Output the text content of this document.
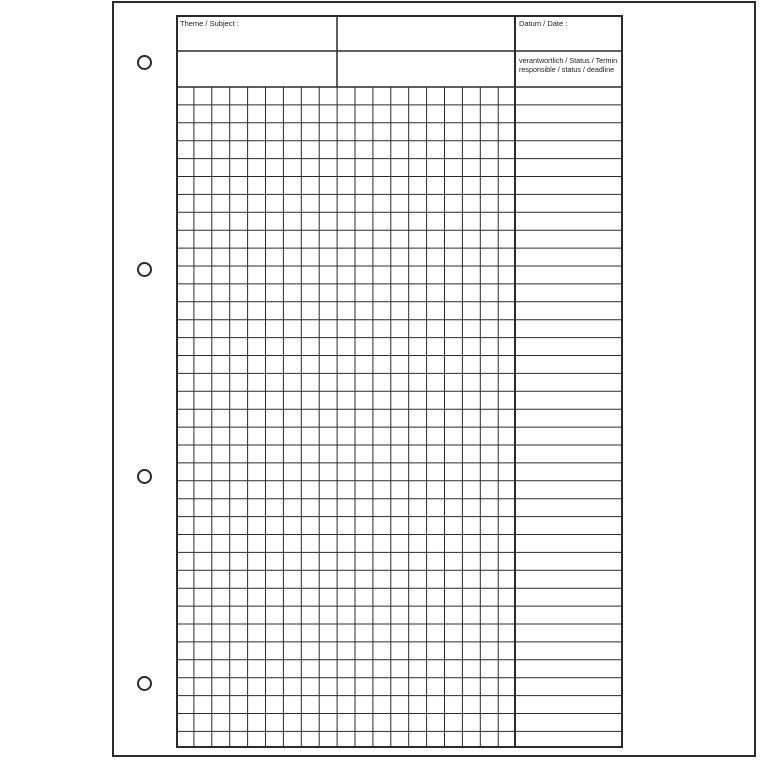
Theme / Subject :	Datum / Date :
verantwortlich / Status / Termin
responsible / status / deadline
